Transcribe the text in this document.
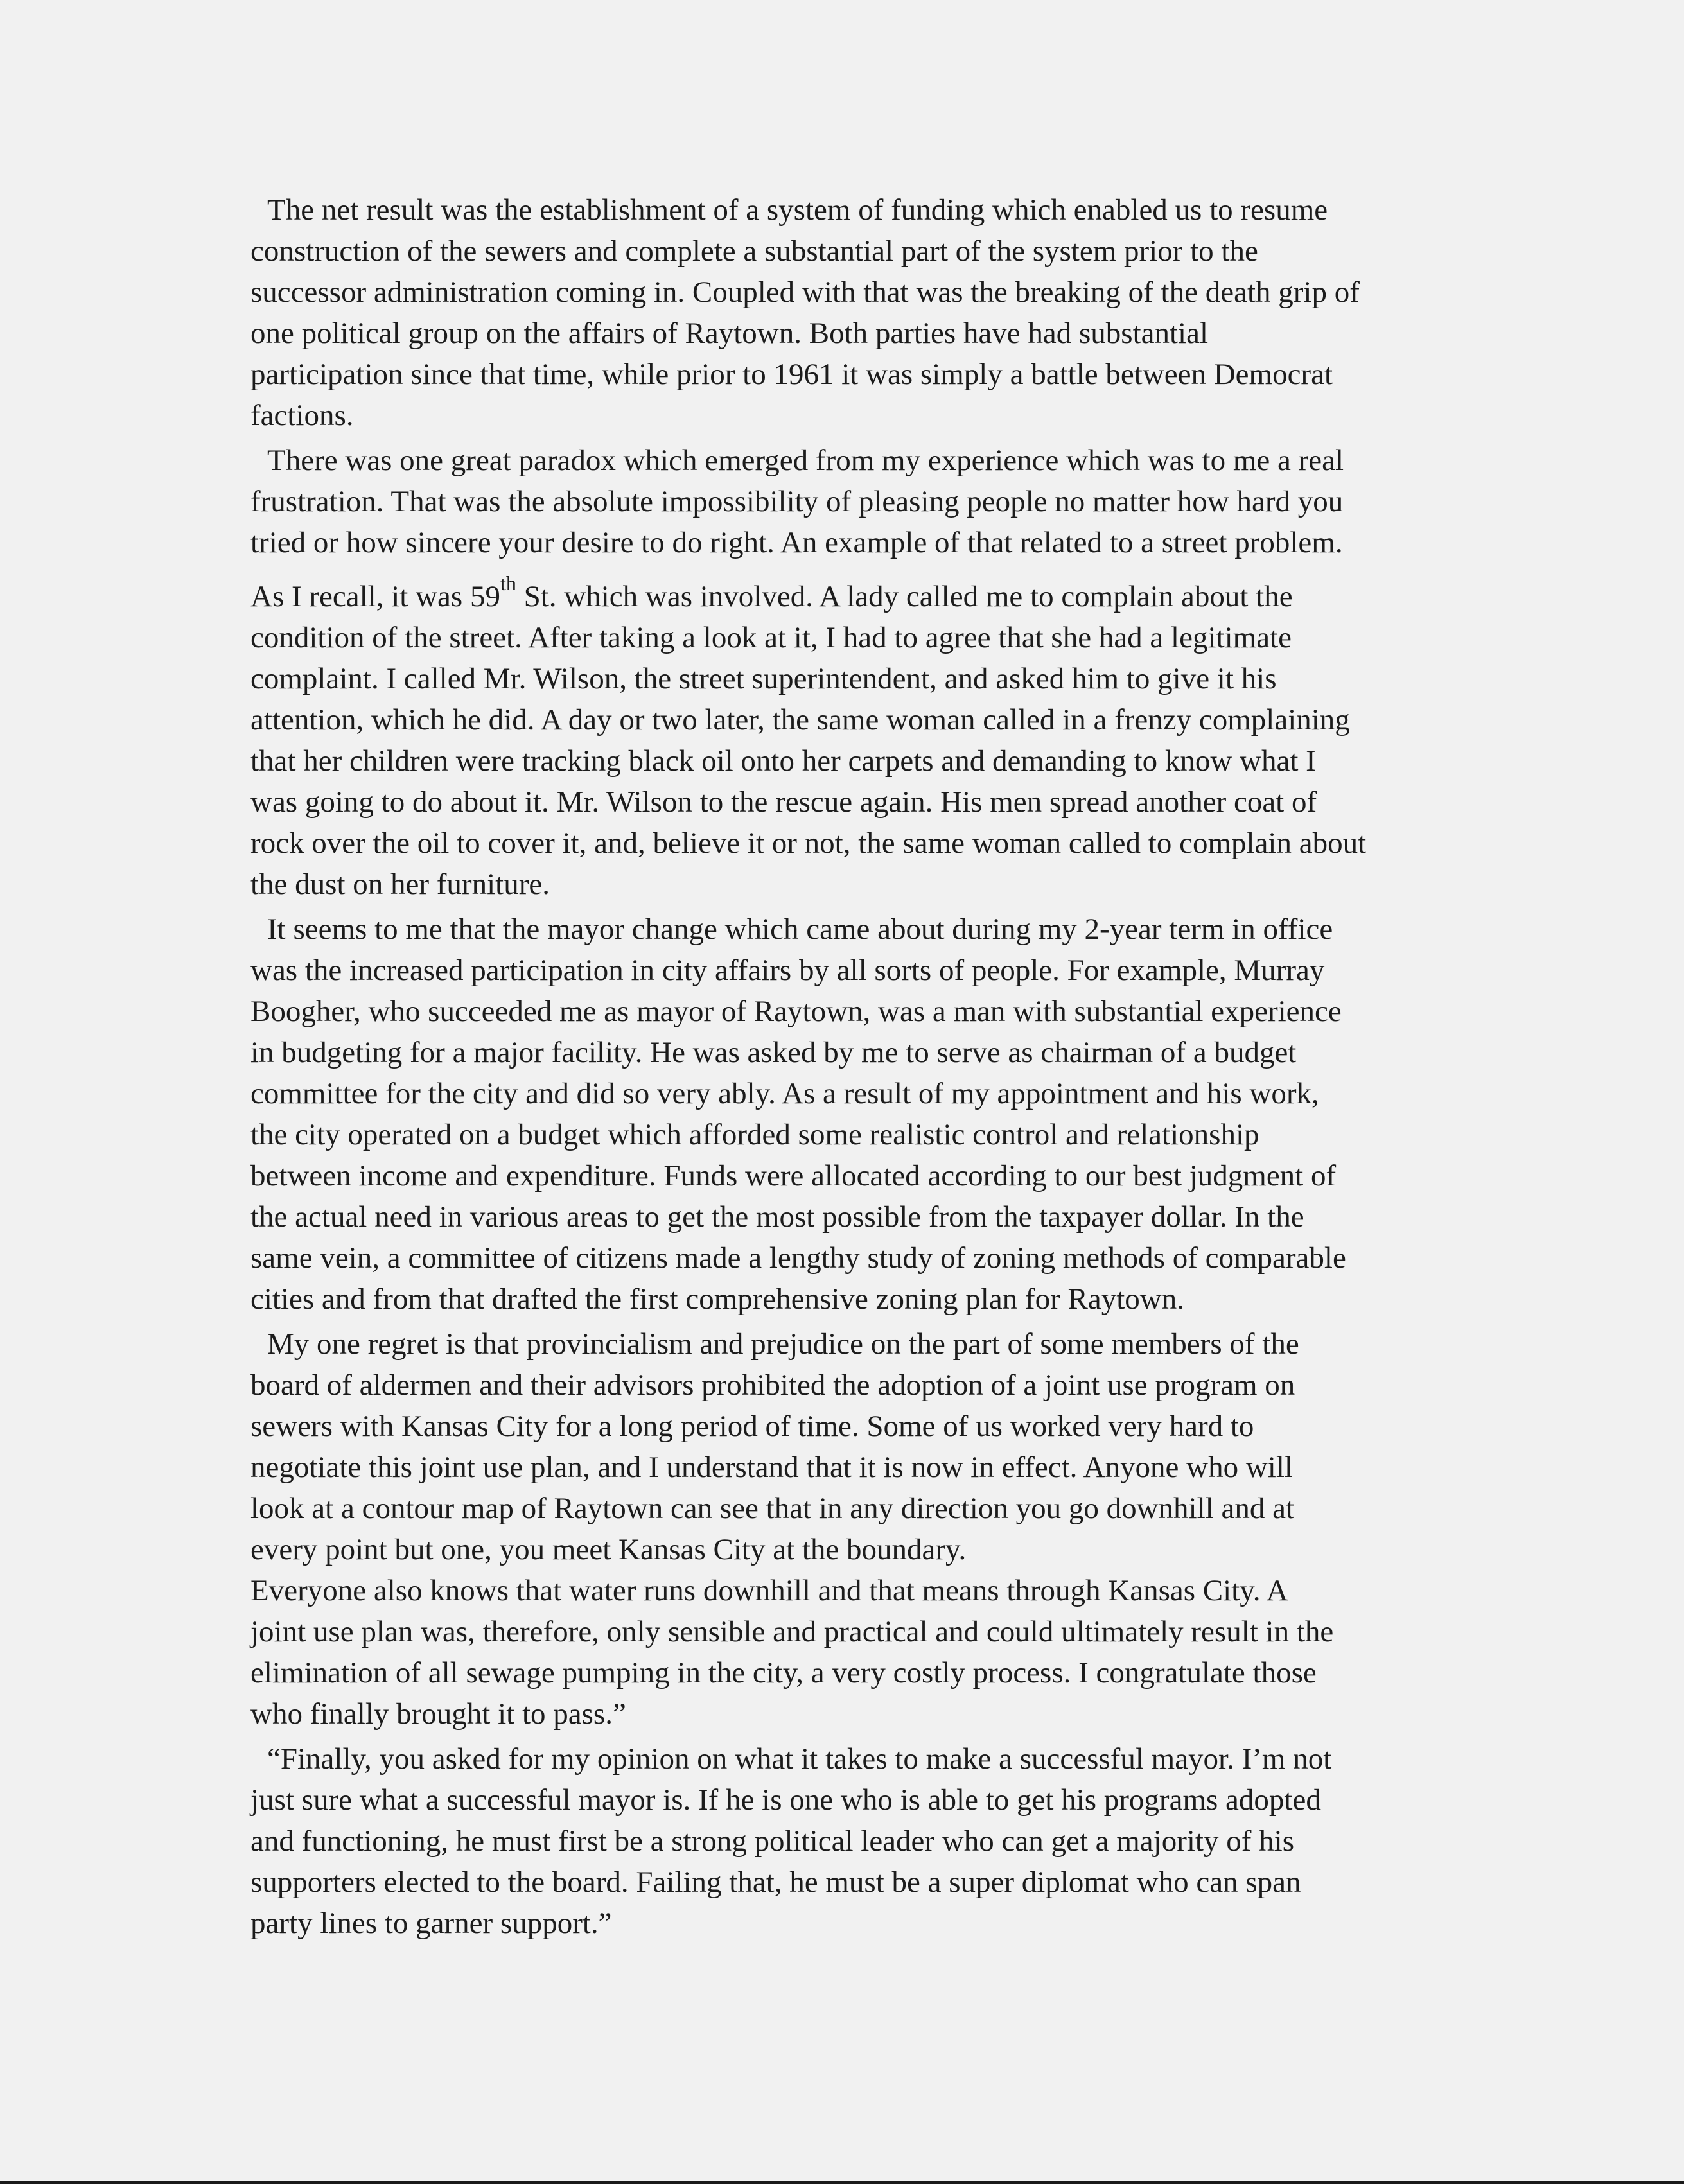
The net result was the establishment of a system of funding which enabled us to resume
construction of the sewers and complete a substantial part of the system prior to the
successor administration coming in. Coupled with that was the breaking of the death grip of
one political group on the affairs of Raytown. Both parties have had substantial
participation since that time, while prior to 1961 it was simply a battle between Democrat
factions.

There was one great paradox which emerged from my experience which was to me a real
frustration. That was the absolute impossibility of pleasing people no matter how hard you
tried or how sincere your desire to do right. An example of that related to a street problem.
As I recall, it was 59th St. which was involved. A lady called me to complain about the
condition of the street. After taking a look at it, I had to agree that she had a legitimate
complaint. I called Mr. Wilson, the street superintendent, and asked him to give it his
attention, which he did. A day or two later, the same woman called in a frenzy complaining
that her children were tracking black oil onto her carpets and demanding to know what I
was going to do about it. Mr. Wilson to the rescue again. His men spread another coat of
rock over the oil to cover it, and, believe it or not, the same woman called to complain about
the dust on her furniture.

It seems to me that the mayor change which came about during my 2-year term in office
was the increased participation in city affairs by all sorts of people. For example, Murray
Boogher, who succeeded me as mayor of Raytown, was a man with substantial experience
in budgeting for a major facility. He was asked by me to serve as chairman of a budget
committee for the city and did so very ably. As a result of my appointment and his work,
the city operated on a budget which afforded some realistic control and relationship
between income and expenditure. Funds were allocated according to our best judgment of
the actual need in various areas to get the most possible from the taxpayer dollar. In the
same vein, a committee of citizens made a lengthy study of zoning methods of comparable
cities and from that drafted the first comprehensive zoning plan for Raytown.

My one regret is that provincialism and prejudice on the part of some members of the
board of aldermen and their advisors prohibited the adoption of a joint use program on
sewers with Kansas City for a long period of time. Some of us worked very hard to
negotiate this joint use plan, and I understand that it is now in effect. Anyone who will
look at a contour map of Raytown can see that in any direction you go downhill and at
every point but one, you meet Kansas City at the boundary.
Everyone also knows that water runs downhill and that means through Kansas City. A
joint use plan was, therefore, only sensible and practical and could ultimately result in the
elimination of all sewage pumping in the city, a very costly process. I congratulate those
who finally brought it to pass.”

“Finally, you asked for my opinion on what it takes to make a successful mayor. I’m not
just sure what a successful mayor is. If he is one who is able to get his programs adopted
and functioning, he must first be a strong political leader who can get a majority of his
supporters elected to the board. Failing that, he must be a super diplomat who can span
party lines to garner support.”
